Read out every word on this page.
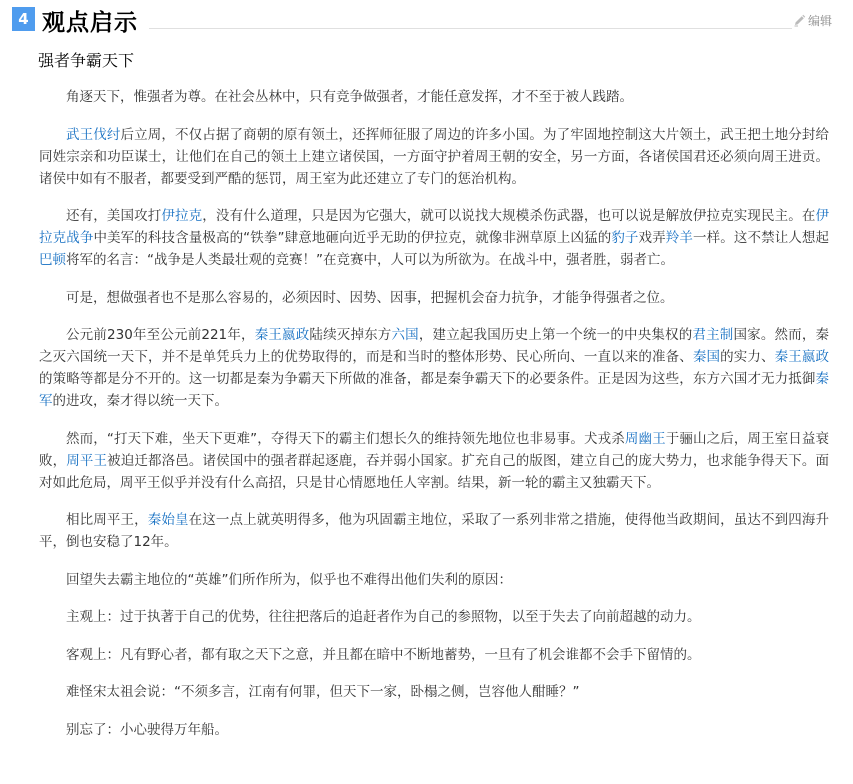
4 观点启示	编辑
强者争霸天下

角逐天下，惟强者为尊。在社会丛林中，只有竞争做强者，才能任意发挥，才不至于被人践踏。

武王伐纣后立周，不仅占据了商朝的原有领土，还挥师征服了周边的许多小国。为了牢固地控制这大片领土，武王把土地分封给同姓宗亲和功臣谋士，让他们在自己的领土上建立诸侯国，一方面守护着周王朝的安全，另一方面，各诸侯国君还必须向周王进贡。诸侯中如有不服者，都要受到严酷的惩罚，周王室为此还建立了专门的惩治机构。

还有，美国攻打伊拉克，没有什么道理，只是因为它强大，就可以说找大规模杀伤武器，也可以说是解放伊拉克实现民主。在伊拉克战争中美军的科技含量极高的“铁拳”肆意地砸向近乎无助的伊拉克，就像非洲草原上凶猛的豹子戏弄羚羊一样。这不禁让人想起巴顿将军的名言：“战争是人类最壮观的竞赛！”在竞赛中，人可以为所欲为。在战斗中，强者胜，弱者亡。

可是，想做强者也不是那么容易的，必须因时、因势、因事，把握机会奋力抗争，才能争得强者之位。

公元前230年至公元前221年，秦王嬴政陆续灭掉东方六国，建立起我国历史上第一个统一的中央集权的君主制国家。然而，秦之灭六国统一天下，并不是单凭兵力上的优势取得的，而是和当时的整体形势、民心所向、一直以来的准备、秦国的实力、秦王嬴政的策略等都是分不开的。这一切都是秦为争霸天下所做的准备，都是秦争霸天下的必要条件。正是因为这些，东方六国才无力抵御秦军的进攻，秦才得以统一天下。

然而，“打天下难，坐天下更难”，夺得天下的霸主们想长久的维持领先地位也非易事。犬戎杀周幽王于骊山之后，周王室日益衰败，周平王被迫迁都洛邑。诸侯国中的强者群起逐鹿，吞并弱小国家。扩充自己的版图，建立自己的庞大势力，也求能争得天下。面对如此危局，周平王似乎并没有什么高招，只是甘心情愿地任人宰割。结果，新一轮的霸主又独霸天下。

相比周平王，秦始皇在这一点上就英明得多，他为巩固霸主地位，采取了一系列非常之措施，使得他当政期间，虽达不到四海升平，倒也安稳了12年。

回望失去霸主地位的“英雄”们所作所为，似乎也不难得出他们失利的原因：

主观上：过于执著于自己的优势，往往把落后的追赶者作为自己的参照物，以至于失去了向前超越的动力。

客观上：凡有野心者，都有取之天下之意，并且都在暗中不断地蓄势，一旦有了机会谁都不会手下留情的。

难怪宋太祖会说：“不须多言，江南有何罪，但天下一家，卧榻之侧，岂容他人酣睡？”

别忘了：小心驶得万年船。
